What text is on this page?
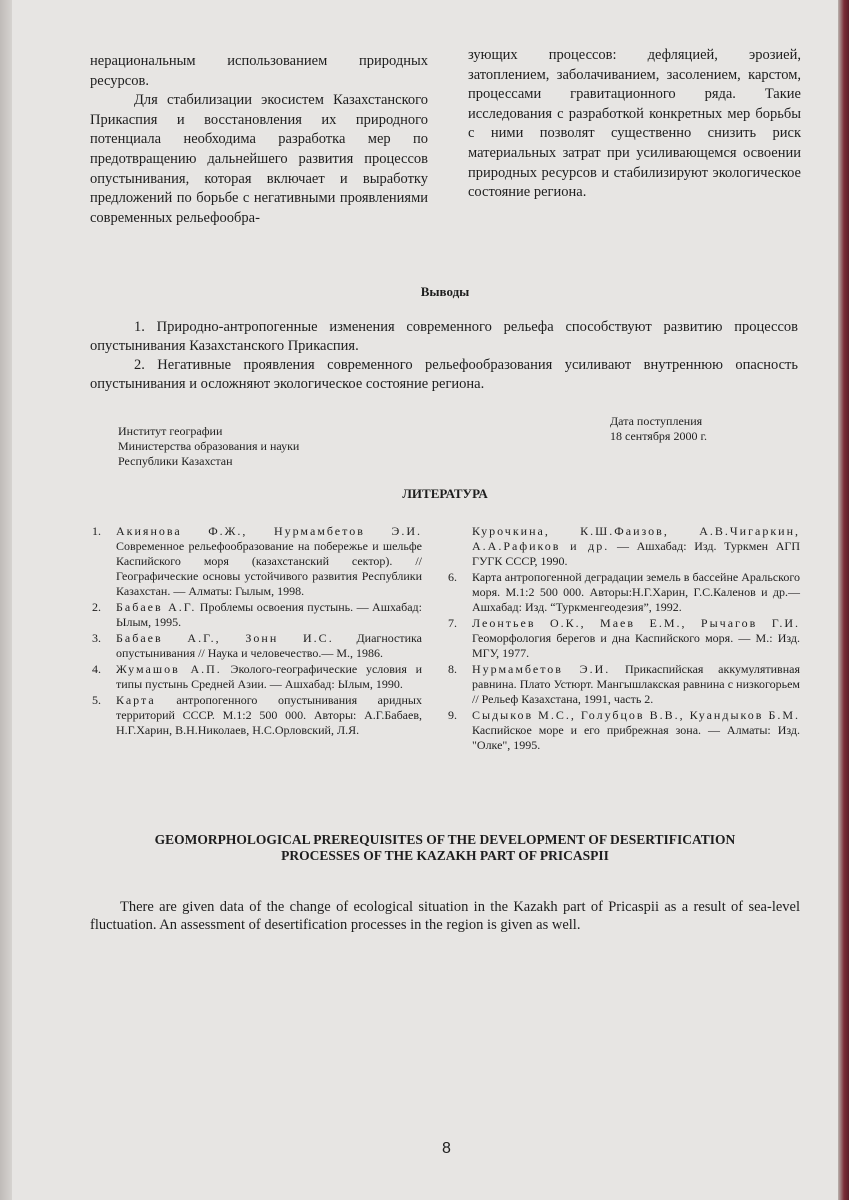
нерациональным использованием природных ресурсов.

Для стабилизации экосистем Казахстанского Прикаспия и восстановления их природного потенциала необходима разработка мер по предотвращению дальнейшего развития процессов опустынивания, которая включает и выработку предложений по борьбе с негативными проявлениями современных рельефообра-

зующих процессов: дефляцией, эрозией, затоплением, заболачиванием, засолением, карстом, процессами гравитационного ряда. Такие исследования с разработкой конкретных мер борьбы с ними позволят существенно снизить риск материальных затрат при усиливающемся освоении природных ресурсов и стабилизируют экологическое состояние региона.

Выводы

1. Природно-антропогенные изменения современного рельефа способствуют развитию процессов опустынивания Казахстанского Прикаспия.

2. Негативные проявления современного рельефообразования усиливают внутреннюю опасность опустынивания и осложняют экологическое состояние региона.

Институт географии
Министерства образования и науки
Республики Казахстан
Дата поступления
18 сентября 2000 г.
ЛИТЕРАТУРА
1. Акиянова Ф.Ж., Нурмамбетов Э.И. Современное рельефообразование на побережье и шельфе Каспийского моря (казахстанский сектор). //Географические основы устойчивого развития Республики Казахстан. — Алматы: Гылым, 1998.
2. Бабаев А.Г. Проблемы освоения пустынь. — Ашхабад: Ылым, 1995.
3. Бабаев А.Г., Зонн И.С. Диагностика опустынивания // Наука и человечество.— М., 1986.
4. Жумашов А.П. Эколого-географические условия и типы пустынь Средней Азии. — Ашхабад: Ылым, 1990.
5. Карта антропогенного опустынивания аридных территорий СССР. М.1:2 500 000. Авторы: А.Г.Бабаев, Н.Г.Харин, В.Н.Николаев, Н.С.Орловский, Л.Я.
Курочкина, К.Ш.Фаизов, А.В.Чигаркин, А.А.Рафиков и др. — Ашхабад: Изд. Туркмен АГП ГУГК СССР, 1990.
6. Карта антропогенной деградации земель в бассейне Аральского моря. М.1:2 500 000. Авторы:Н.Г.Харин, Г.С.Каленов и др.— Ашхабад: Изд. “Туркменгеодезия”, 1992.
7. Леонтьев О.К., Маев Е.М., Рычагов Г.И. Геоморфология берегов и дна Каспийского моря. — М.: Изд. МГУ, 1977.
8. Нурмамбетов Э.И. Прикаспийская аккумулятивная равнина. Плато Устюрт. Мангышлакская равнина с низкогорьем // Рельеф Казахстана, 1991, часть 2.
9. Сыдыков М.С., Голубцов В.В., Куандыков Б.М. Каспийское море и его прибрежная зона. — Алматы: Изд. "Олке", 1995.
GEOMORPHOLOGICAL PREREQUISITES OF THE DEVELOPMENT OF DESERTIFICATION
PROCESSES OF THE KAZAKH PART OF PRICASPII
There are given data of the change of ecological situation in the Kazakh part of Pricaspii as a result of sea-level fluctuation. An assessment of desertification processes in the region is given as well.
8
